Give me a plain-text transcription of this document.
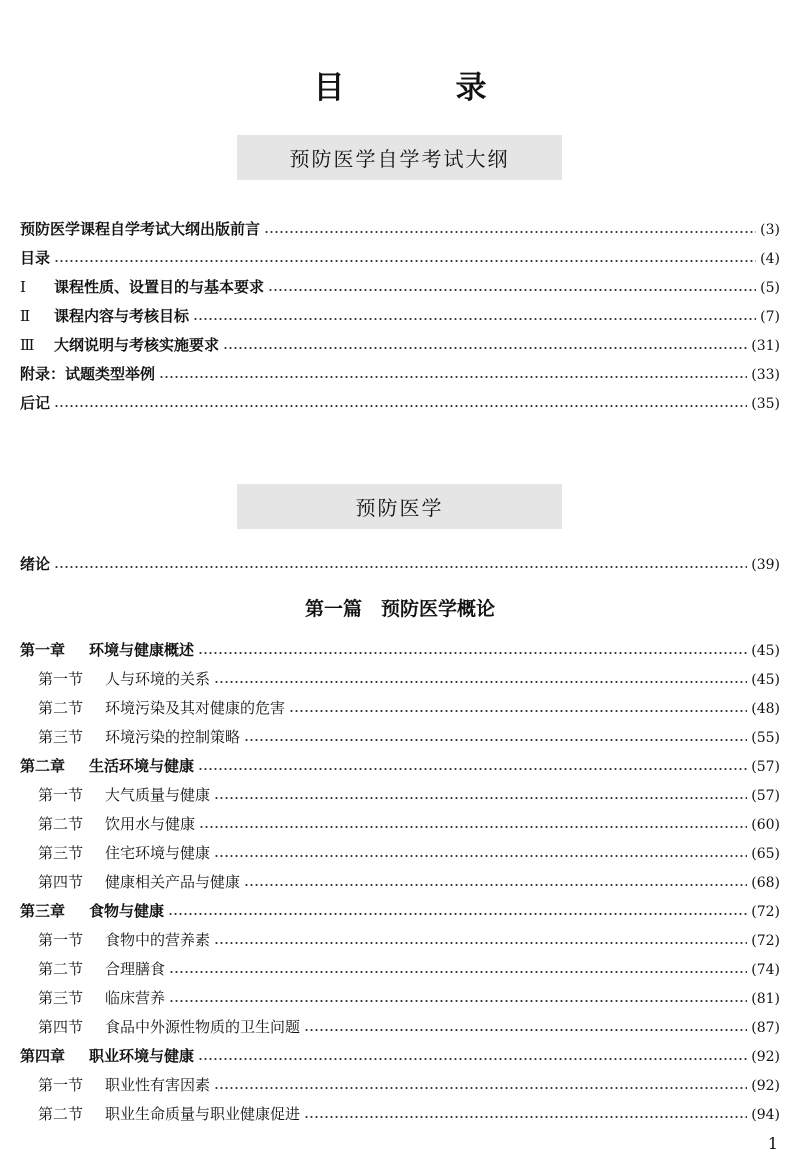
目　录
预防医学自学考试大纲
预防医学课程自学考试大纲出版前言	(3)
目录	(4)
Ⅰ	课程性质、设置目的与基本要求	(5)
Ⅱ	课程内容与考核目标	(7)
Ⅲ 大纲说明与考核实施要求	(31)
附录：试题类型举例	(33)
后记	(35)
预防医学
绪论	(39)
第一篇　预防医学概论
第一章 环境与健康概述	(45)
第一节 人与环境的关系	(45)
第二节 环境污染及其对健康的危害	(48)
第三节 环境污染的控制策略	(55)
第二章 生活环境与健康	(57)
第一节 大气质量与健康	(57)
第二节 饮用水与健康	(60)
第三节 住宅环境与健康	(65)
第四节 健康相关产品与健康	(68)
第三章 食物与健康	(72)
第一节 食物中的营养素	(72)
第二节 合理膳食	(74)
第三节 临床营养	(81)
第四节 食品中外源性物质的卫生问题	(87)
第四章 职业环境与健康	(92)
第一节 职业性有害因素	(92)
第二节 职业生命质量与职业健康促进	(94)
1
